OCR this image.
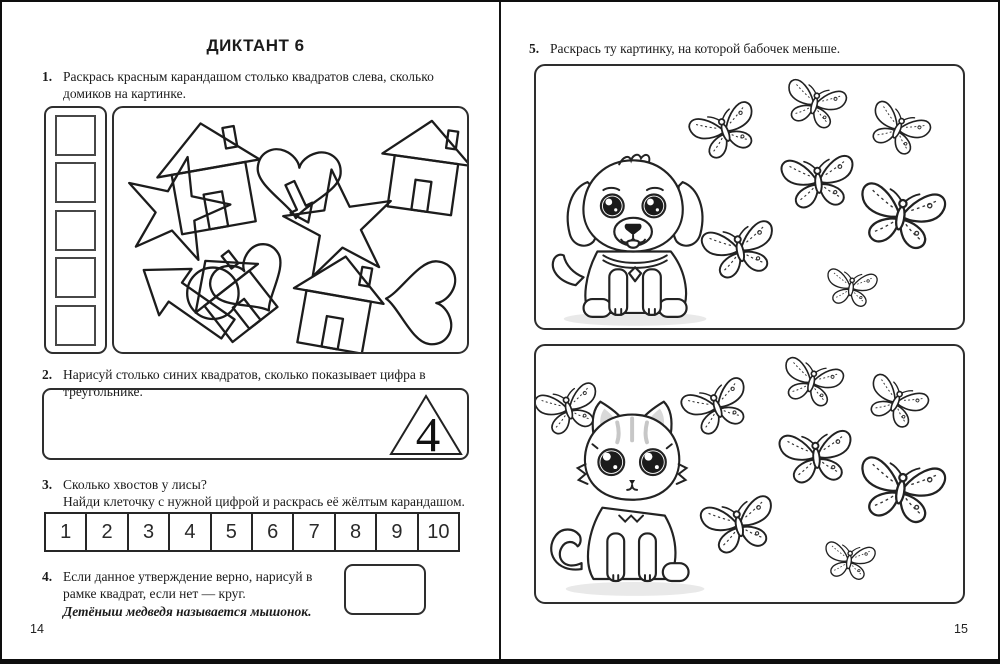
ДИКТАНТ 6
1. Раскрась красным карандашом столько квадратов слева, сколько домиков на картинке.
2. Нарисуй столько синих квадратов, сколько показывает цифра в треугольнике.
4
3. Сколько хвостов у лисы?
Найди клеточку с нужной цифрой и раскрась её жёлтым карандашом.
1	2	3	4	5	6	7	8	9	10
4. Если данное утверждение верно, нарисуй в рамке квадрат, если нет — круг.
Детёныш медведя называется мышонок.
14
5. Раскрась ту картинку, на которой бабочек меньше.
15
